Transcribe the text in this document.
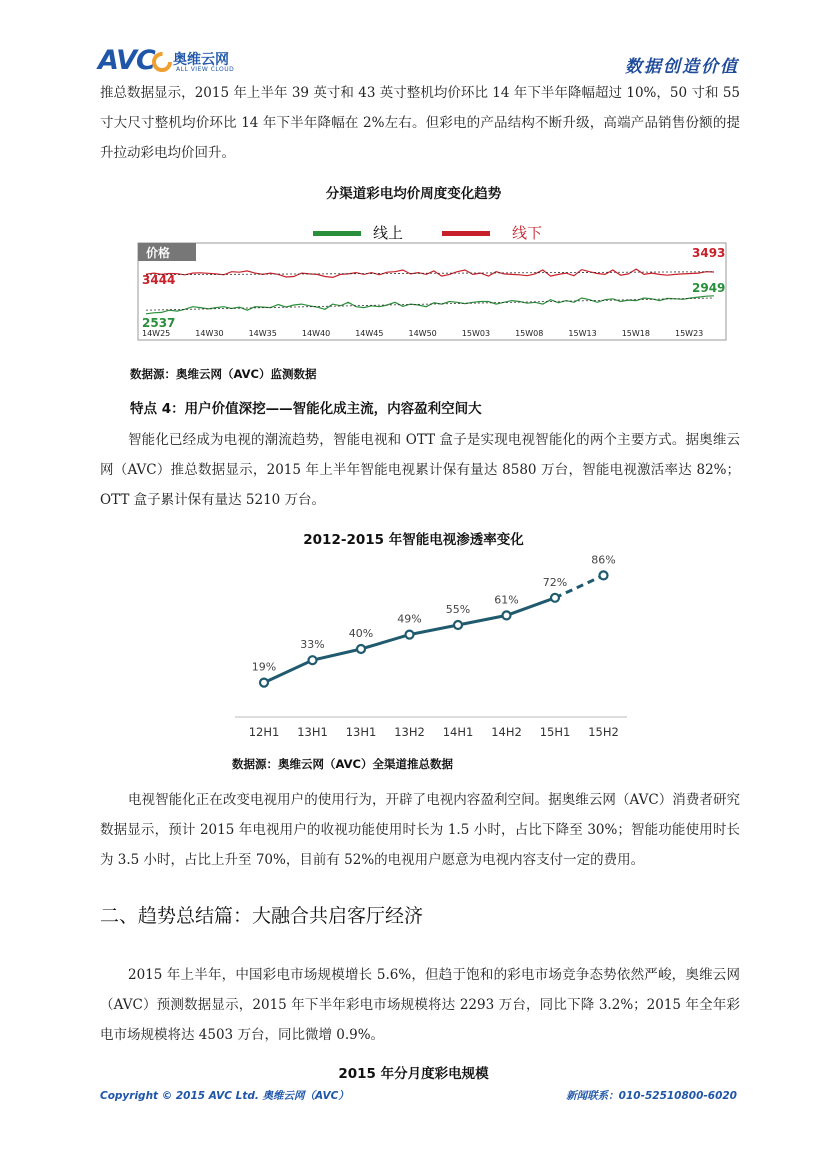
AVC 奥维云网
ALL VIEW CLOUD	数据创造价值
推总数据显示，2015 年上半年 39 英寸和 43 英寸整机均价环比 14 年下半年降幅超过 10%，50 寸和 55 寸大尺寸整机均价环比 14 年下半年降幅在 2%左右。但彩电的产品结构不断升级，高端产品销售份额的提升拉动彩电均价回升。
分渠道彩电均价周度变化趋势
线上	线下
价格
3444
3493
2537
2949
14W25	14W30	14W35	14W40	14W45	14W50	15W03	15W08	15W13	15W18	15W23
数据源：奥维云网（AVC）监测数据
特点 4：用户价值深挖——智能化成主流，内容盈利空间大
智能化已经成为电视的潮流趋势，智能电视和 OTT 盒子是实现电视智能化的两个主要方式。据奥维云网（AVC）推总数据显示，2015 年上半年智能电视累计保有量达 8580 万台，智能电视激活率达 82%；OTT 盒子累计保有量达 5210 万台。
2012-2015 年智能电视渗透率变化
19%
12H1
33%
13H1
40%
13H1
49%
13H2
55%
14H1
61%
14H2
72%
15H1
86%
15H2
数据源：奥维云网（AVC）全渠道推总数据
电视智能化正在改变电视用户的使用行为，开辟了电视内容盈利空间。据奥维云网（AVC）消费者研究数据显示，预计 2015 年电视用户的收视功能使用时长为 1.5 小时，占比下降至 30%；智能功能使用时长为 3.5 小时，占比上升至 70%，目前有 52%的电视用户愿意为电视内容支付一定的费用。
二、趋势总结篇：大融合共启客厅经济
2015 年上半年，中国彩电市场规模增长 5.6%，但趋于饱和的彩电市场竞争态势依然严峻，奥维云网（AVC）预测数据显示，2015 年下半年彩电市场规模将达 2293 万台，同比下降 3.2%；2015 年全年彩电市场规模将达 4503 万台，同比微增 0.9%。
2015 年分月度彩电规模
Copyright © 2015 AVC Ltd. 奥维云网（AVC）	新闻联系：010-52510800-6020
